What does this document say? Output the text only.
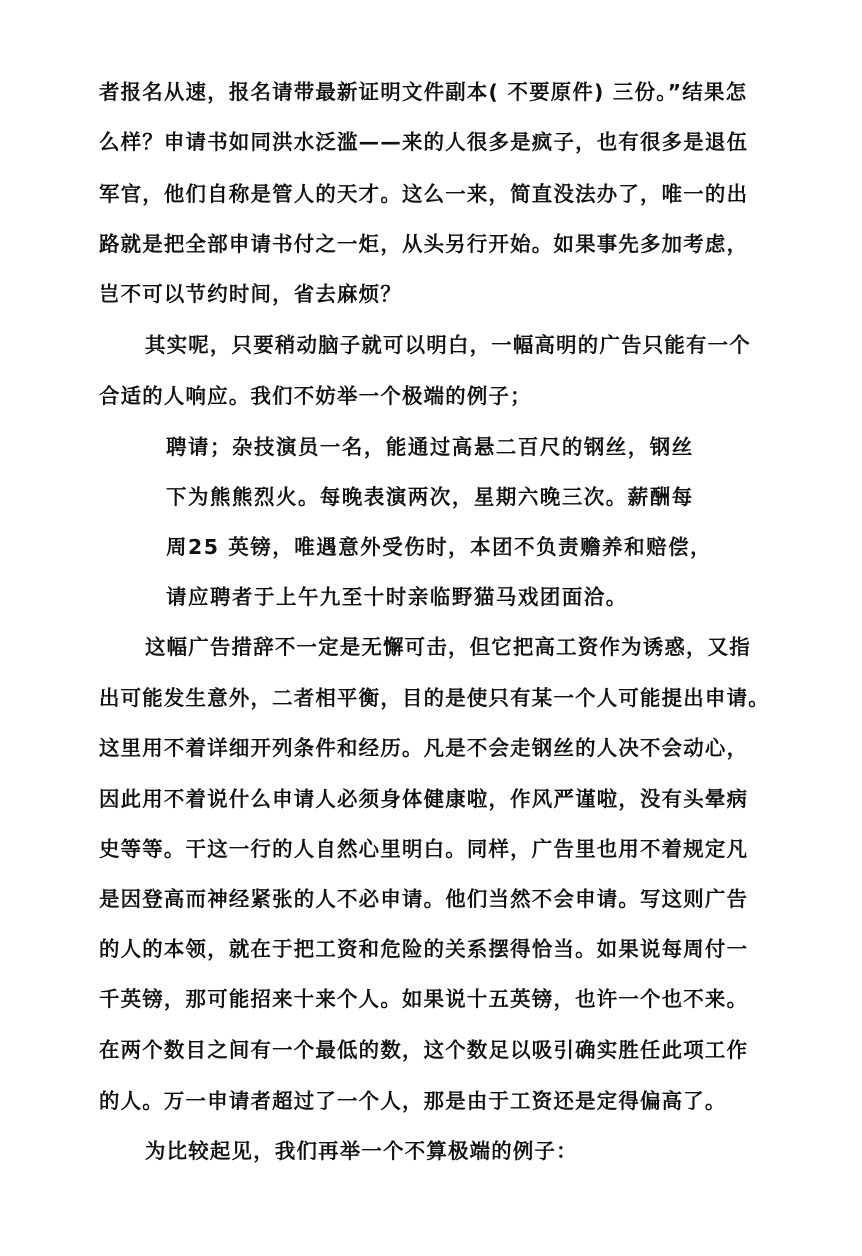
者报名从速，报名请带最新证明文件副本( 不要原件) 三份。”结果怎
么样？申请书如同洪水泛滥——来的人很多是疯子，也有很多是退伍
军官，他们自称是管人的天才。这么一来，简直没法办了，唯一的出
路就是把全部申请书付之一炬，从头另行开始。如果事先多加考虑，
岂不可以节约时间，省去麻烦？
其实呢，只要稍动脑子就可以明白，一幅高明的广告只能有一个
合适的人响应。我们不妨举一个极端的例子；
聘请；杂技演员一名，能通过高悬二百尺的钢丝，钢丝
下为熊熊烈火。每晚表演两次，星期六晚三次。薪酬每
周25 英镑，唯遇意外受伤时，本团不负责赡养和赔偿，
请应聘者于上午九至十时亲临野猫马戏团面洽。
这幅广告措辞不一定是无懈可击，但它把高工资作为诱惑，又指
出可能发生意外，二者相平衡，目的是使只有某一个人可能提出申请。
这里用不着详细开列条件和经历。凡是不会走钢丝的人决不会动心，
因此用不着说什么申请人必须身体健康啦，作风严谨啦，没有头晕病
史等等。干这一行的人自然心里明白。同样，广告里也用不着规定凡
是因登高而神经紧张的人不必申请。他们当然不会申请。写这则广告
的人的本领，就在于把工资和危险的关系摆得恰当。如果说每周付一
千英镑，那可能招来十来个人。如果说十五英镑，也许一个也不来。
在两个数目之间有一个最低的数，这个数足以吸引确实胜任此项工作
的人。万一申请者超过了一个人，那是由于工资还是定得偏高了。
为比较起见，我们再举一个不算极端的例子：
